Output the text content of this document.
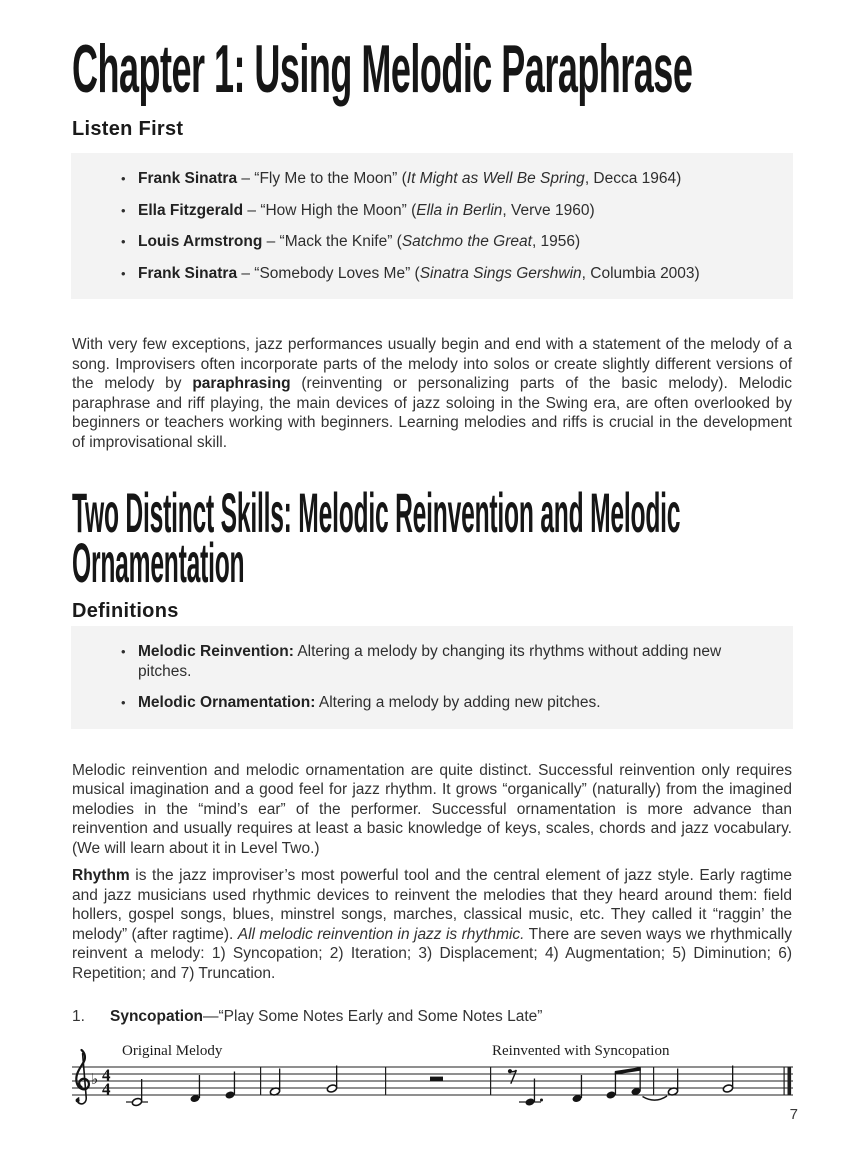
Chapter 1: Using Melodic Paraphrase
Listen First
• Frank Sinatra – “Fly Me to the Moon” (It Might as Well Be Spring, Decca 1964)
• Ella Fitzgerald – “How High the Moon” (Ella in Berlin, Verve 1960)
• Louis Armstrong – “Mack the Knife” (Satchmo the Great, 1956)
• Frank Sinatra – “Somebody Loves Me” (Sinatra Sings Gershwin, Columbia 2003)

With very few exceptions, jazz performances usually begin and end with a statement of the melody of a song. Improvisers often incorporate parts of the melody into solos or create slightly different versions of the melody by paraphrasing (reinventing or personalizing parts of the basic melody). Melodic paraphrase and riff playing, the main devices of jazz soloing in the Swing era, are often overlooked by beginners or teachers working with beginners. Learning melodies and riffs is crucial in the development of improvisational skill.

Two Distinct Skills: Melodic Reinvention and Melodic
Ornamentation
Definitions
• Melodic Reinvention: Altering a melody by changing its rhythms without adding new pitches.
• Melodic Ornamentation: Altering a melody by adding new pitches.

Melodic reinvention and melodic ornamentation are quite distinct. Successful reinvention only requires musical imagination and a good feel for jazz rhythm. It grows “organically” (naturally) from the imagined melodies in the “mind’s ear” of the performer. Successful ornamentation is more advance than reinvention and usually requires at least a basic knowledge of keys, scales, chords and jazz vocabulary. (We will learn about it in Level Two.)

Rhythm is the jazz improviser’s most powerful tool and the central element of jazz style. Early ragtime and jazz musicians used rhythmic devices to reinvent the melodies that they heard around them: field hollers, gospel songs, blues, minstrel songs, marches, classical music, etc. They called it “raggin’ the melody” (after ragtime). All melodic reinvention in jazz is rhythmic. There are seven ways we rhythmically reinvent a melody: 1) Syncopation; 2) Iteration; 3) Displacement; 4) Augmentation; 5) Diminution; 6) Repetition; and 7) Truncation.

1. Syncopation—“Play Some Notes Early and Some Notes Late”
Original Melody	Reinvented with Syncopation
♭ 4
4
7
